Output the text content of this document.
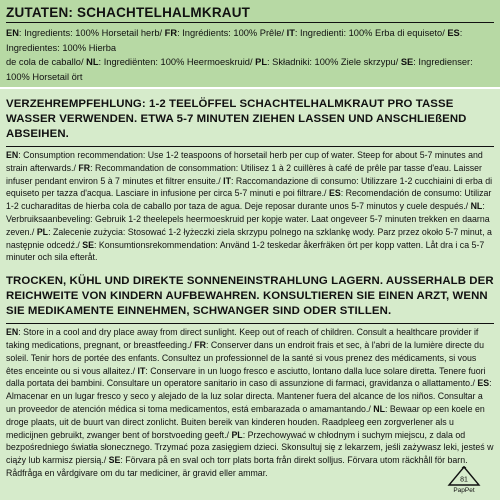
ZUTATEN: SCHACHTELHALMKRAUT

EN: Ingredients: 100% Horsetail herb/ FR: Ingrédients: 100% Prêle/ IT: Ingredienti: 100% Erba di equiseto/ ES: Ingredientes: 100% Hierba

de cola de caballo/ NL: Ingrediënten: 100% Heermoeskruid/ PL: Składniki: 100% Ziele skrzypu/ SE: Ingredienser: 100% Horsetail ört

VERZEHREMPFEHLUNG: 1-2 TEELÖFFEL SCHACHTELHALMKRAUT PRO TASSE WASSER VERWENDEN. ETWA 5-7 MINUTEN ZIEHEN LASSEN UND ANSCHLIEßEND ABSEIHEN.

EN: Consumption recommendation: Use 1-2 teaspoons of horsetail herb per cup of water. Steep for about 5-7 minutes and strain afterwards./ FR: Recommandation de consommation: Utilisez 1 à 2 cuillères à café de prêle par tasse d'eau. Laisser infuser pendant environ 5 à 7 minutes et filtrer ensuite./ IT: Raccomandazione di consumo: Utilizzare 1-2 cucchiaini di erba di equiseto per tazza d'acqua. Lasciare in infusione per circa 5-7 minuti e poi filtrare./ ES: Recomendación de consumo: Utilizar 1-2 cucharaditas de hierba cola de caballo por taza de agua. Deje reposar durante unos 5-7 minutos y cuele después./ NL: Verbruiksaanbeveling: Gebruik 1-2 theelepels heermoeskruid per kopje water. Laat ongeveer 5-7 minuten trekken en daarna zeven./ PL: Zalecenie zużycia: Stosować 1-2 łyżeczki ziela skrzypu polnego na szklankę wody. Parz przez około 5-7 minut, a następnie odcedź./ SE: Konsumtionsrekommendation: Använd 1-2 teskedar åkerfräken ört per kopp vatten. Låt dra i ca 5-7 minuter och sila efteråt.

TROCKEN, KÜHL UND DIREKTE SONNENEINSTRAHLUNG LAGERN. AUSSERHALB DER REICHWEITE VON KINDERN AUFBEWAHREN. KONSULTIEREN SIE EINEN ARZT, WENN SIE MEDIKAMENTE EINNEHMEN, SCHWANGER SIND ODER STILLEN.

EN: Store in a cool and dry place away from direct sunlight. Keep out of reach of children. Consult a healthcare provider if taking medications, pregnant, or breastfeeding./ FR: Conserver dans un endroit frais et sec, à l'abri de la lumière directe du soleil. Tenir hors de portée des enfants. Consultez un professionnel de la santé si vous prenez des médicaments, si vous êtes enceinte ou si vous allaitez./ IT: Conservare in un luogo fresco e asciutto, lontano dalla luce solare diretta. Tenere fuori dalla portata dei bambini. Consultare un operatore sanitario in caso di assunzione di farmaci, gravidanza o allattamento./ ES: Almacenar en un lugar fresco y seco y alejado de la luz solar directa. Mantener fuera del alcance de los niños. Consultar a un proveedor de atención médica si toma medicamentos, está embarazada o amamantando./ NL: Bewaar op een koele en droge plaats, uit de buurt van direct zonlicht. Buiten bereik van kinderen houden. Raadpleeg een zorgverlener als u medicijnen gebruikt, zwanger bent of borstvoeding geeft./ PL: Przechowywać w chłodnym i suchym miejscu, z dala od bezpośredniego światła słonecznego. Trzymać poza zasięgiem dzieci. Skonsultuj się z lekarzem, jeśli zażywasz leki, jesteś w ciąży lub karmisz piersią./ SE: Förvara på en sval och torr plats borta från direkt solljus. Förvara utom räckhåll för barn. Rådfråga en vårdgivare om du tar mediciner, är gravid eller ammar.

81
PapPet
